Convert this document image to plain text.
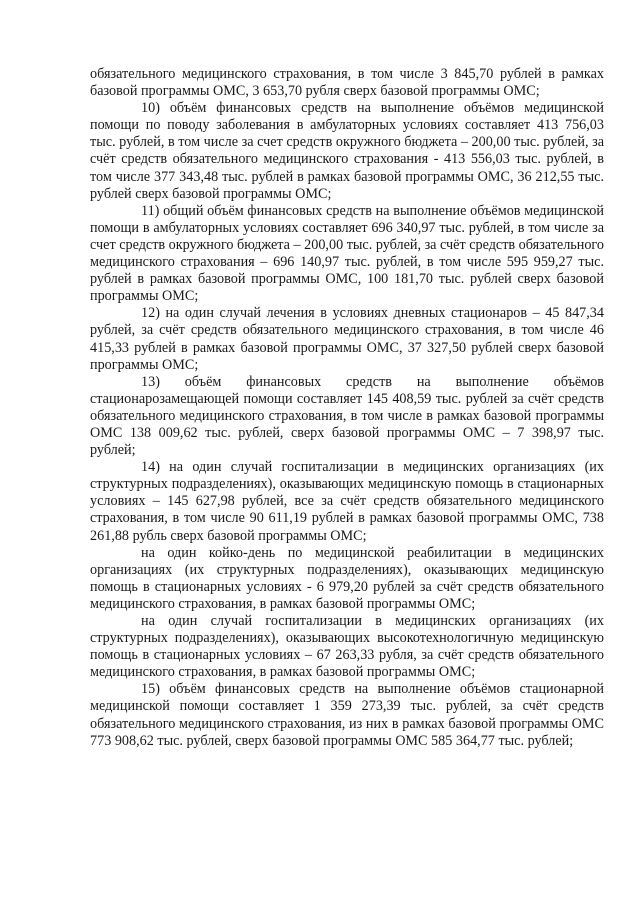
обязательного медицинского страхования, в том числе 3 845,70 рублей в рамках базовой программы ОМС, 3 653,70 рубля сверх базовой программы ОМС;

10) объём финансовых средств на выполнение объёмов медицинской помощи по поводу заболевания в амбулаторных условиях составляет 413 756,03 тыс. рублей, в том числе за счет средств окружного бюджета – 200,00 тыс. рублей, за счёт средств обязательного медицинского страхования - 413 556,03 тыс. рублей, в том числе 377 343,48 тыс. рублей в рамках базовой программы ОМС, 36 212,55 тыс. рублей сверх базовой программы ОМС;

11) общий объём финансовых средств на выполнение объёмов медицинской помощи в амбулаторных условиях составляет 696 340,97 тыс. рублей, в том числе за счет средств окружного бюджета – 200,00 тыс. рублей, за счёт средств обязательного медицинского страхования – 696 140,97 тыс. рублей, в том числе 595 959,27 тыс. рублей в рамках базовой программы ОМС, 100 181,70 тыс. рублей сверх базовой программы ОМС;

12) на один случай лечения в условиях дневных стационаров – 45 847,34 рублей, за счёт средств обязательного медицинского страхования, в том числе 46 415,33 рублей в рамках базовой программы ОМС, 37 327,50 рублей сверх базовой программы ОМС;

13) объём финансовых средств на выполнение объёмов стационарозамещающей помощи составляет 145 408,59 тыс. рублей за счёт средств обязательного медицинского страхования, в том числе в рамках базовой программы ОМС 138 009,62 тыс. рублей, сверх базовой программы ОМС – 7 398,97 тыс. рублей;

14) на один случай госпитализации в медицинских организациях (их структурных подразделениях), оказывающих медицинскую помощь в стационарных условиях – 145 627,98 рублей, все за счёт средств обязательного медицинского страхования, в том числе 90 611,19 рублей в рамках базовой программы ОМС, 738 261,88 рубль сверх базовой программы ОМС;

на один койко-день по медицинской реабилитации в медицинских организациях (их структурных подразделениях), оказывающих медицинскую помощь в стационарных условиях - 6 979,20 рублей за счёт средств обязательного медицинского страхования, в рамках базовой программы ОМС;

на один случай госпитализации в медицинских организациях (их структурных подразделениях), оказывающих высокотехнологичную медицинскую помощь в стационарных условиях – 67 263,33 рубля, за счёт средств обязательного медицинского страхования, в рамках базовой программы ОМС;

15) объём финансовых средств на выполнение объёмов стационарной медицинской помощи составляет 1 359 273,39 тыс. рублей, за счёт средств обязательного медицинского страхования, из них в рамках базовой программы ОМС 773 908,62 тыс. рублей, сверх базовой программы ОМС 585 364,77 тыс. рублей;
